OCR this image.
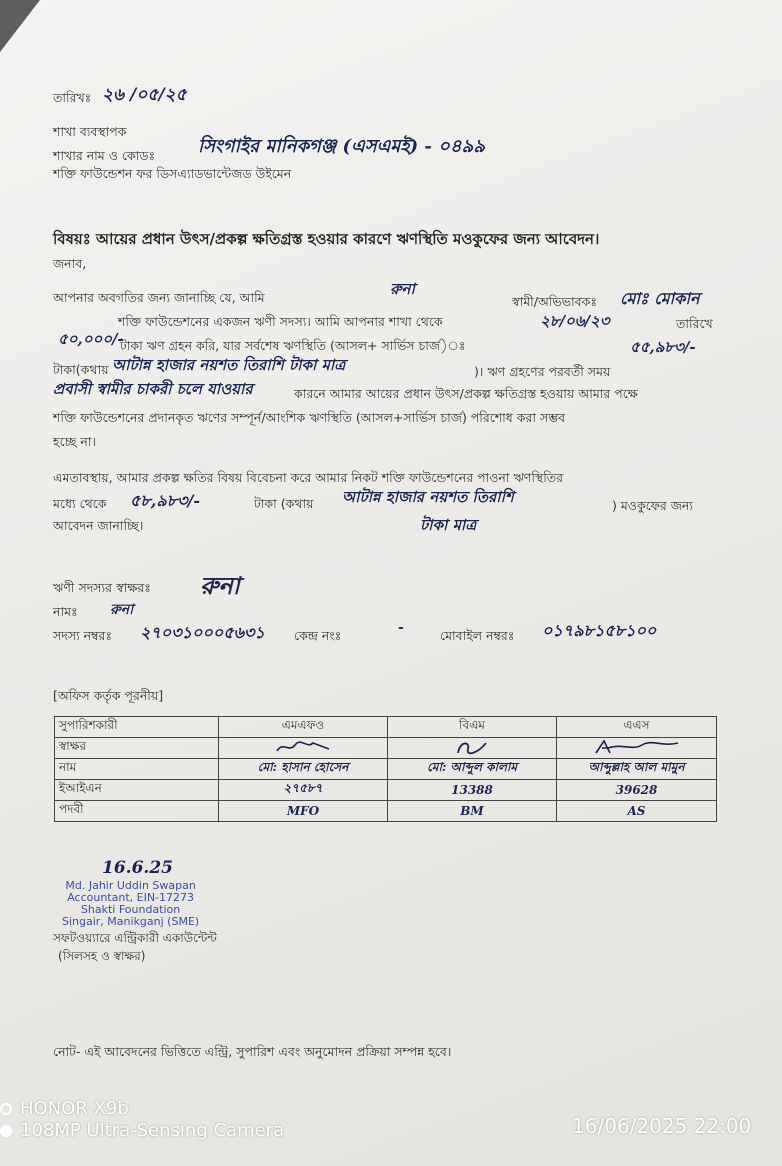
তারিখঃ ২৬ /০৫/২৫
শাখা ব্যবস্থাপক
শাখার নাম ও কোডঃ সিংগাইর মানিকগঞ্জ (এসএমই) - ০৪৯৯
শক্তি ফাউন্ডেশন ফর ডিসএ্যাডভান্টেজড উইমেন
বিষয়ঃ আয়ের প্রধান উৎস/প্রকল্প ক্ষতিগ্রস্ত হওয়ার কারণে ঋণস্থিতি মওকুফের জন্য আবেদন।
জনাব,
আপনার অবগতির জন্য জানাচ্ছি যে, আমি	রুনা
স্বামী/অভিভাবকঃ মোঃ মোকান
শক্তি ফাউন্ডেশনের একজন ঋণী সদস্য। আমি আপনার শাখা থেকে	২৮/০৬/২৩	তারিখে
৫০,০০০/-
টাকা ঋণ গ্রহন করি, যার সর্বশেষ ঋণস্থিতি (আসল+ সার্ভিস চার্জ)ঃ	৫৫,৯৮৩/-
টাকা(কথায় আটান্ন হাজার নয়শত তিরাশি টাকা মাত্র	)। ঋণ গ্রহণের পরবর্তী সময়
প্রবাসী স্বামীর চাকরী চলে যাওয়ার	কারনে আমার আয়ের প্রধান উৎস/প্রকল্প ক্ষতিগ্রস্ত হওয়ায় আমার পক্ষে
শক্তি ফাউন্ডেশনের প্রদানকৃত ঋণের সম্পূর্ন/আংশিক ঋণস্থিতি (আসল+সার্ভিস চার্জ) পরিশোধ করা সম্ভব
হচ্ছে না।
এমতাবস্থায়, আমার প্রকল্প ক্ষতির বিষয় বিবেচনা করে আমার নিকট শক্তি ফাউন্ডেশনের পাওনা ঋণস্থিতির
মধ্যে থেকে ৫৮,৯৮৩/-	টাকা (কথায় আটান্ন হাজার নয়শত তিরাশি	) মওকুফের জন্য
আবেদন জানাচ্ছি।	টাকা মাত্র
ঋণী সদস্যর স্বাক্ষরঃ রুনা
নামঃ রুনা
সদস্য নম্বরঃ ২৭০৩১০০০৫৬৩১ কেন্দ্র নংঃ	-	মোবাইল নম্বরঃ ০১৭৯৮১৫৮১০০
[অফিস কর্তৃক পূরনীয়]
সুপারিশকারী	এমএফও	বিএম	এএস
স্বাক্ষর			
নাম	মো: হাসান হোসেন	মো: আব্দুল কালাম	আব্দুল্লাহ আল মামুন
ইআইএন	২৭৫৮৭	13388	39628
পদবী	MFO	BM	AS
16.6.25
Md. Jahir Uddin Swapan
Accountant, EIN-17273
Shakti Foundation
Singair, Manikganj (SME)
সফটওয়্যারে এন্ট্রিকারী একাউন্টেন্ট
(সিলসহ ও স্বাক্ষর)
নোট- এই আবেদনের ভিত্তিতে এন্ট্রি, সুপারিশ এবং অনুমোদন প্রক্রিয়া সম্পন্ন হবে।
HONOR X9b
108MP Ultra-Sensing Camera	16/06/2025 22:00
